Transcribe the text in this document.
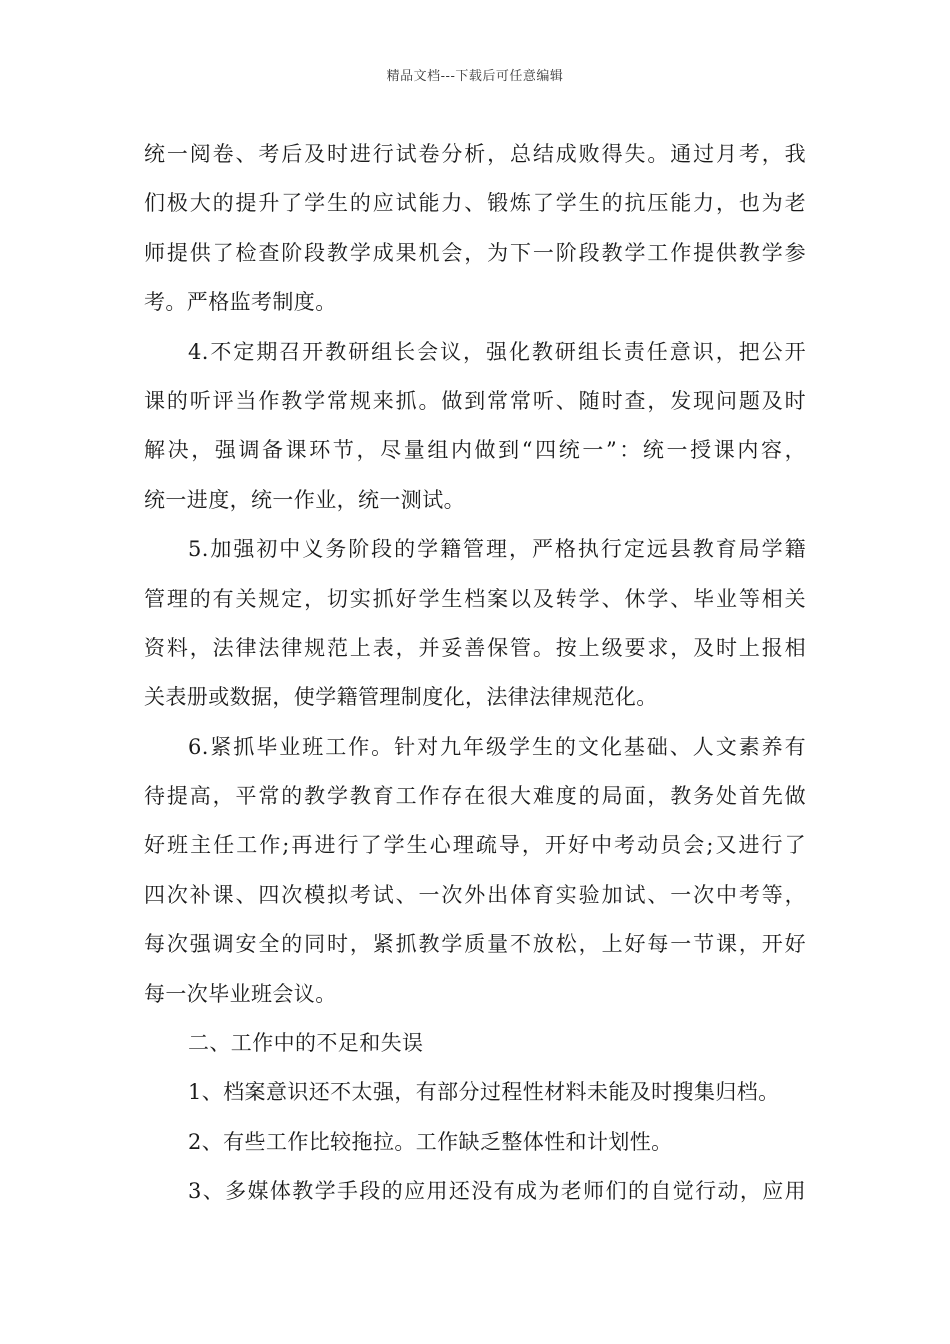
精品文档---下载后可任意编辑
统一阅卷、考后及时进行试卷分析，总结成败得失。通过月考，我
们极大的提升了学生的应试能力、锻炼了学生的抗压能力，也为老
师提供了检查阶段教学成果机会，为下一阶段教学工作提供教学参
考。严格监考制度。
4.不定期召开教研组长会议，强化教研组长责任意识，把公开
课的听评当作教学常规来抓。做到常常听、随时查，发现问题及时
解决，强调备课环节，尽量组内做到“四统一”：统一授课内容，
统一进度，统一作业，统一测试。
5.加强初中义务阶段的学籍管理，严格执行定远县教育局学籍
管理的有关规定，切实抓好学生档案以及转学、休学、毕业等相关
资料，法律法律规范上表，并妥善保管。按上级要求，及时上报相
关表册或数据，使学籍管理制度化，法律法律规范化。
6.紧抓毕业班工作。针对九年级学生的文化基础、人文素养有
待提高，平常的教学教育工作存在很大难度的局面，教务处首先做
好班主任工作;再进行了学生心理疏导，开好中考动员会;又进行了
四次补课、四次模拟考试、一次外出体育实验加试、一次中考等，
每次强调安全的同时，紧抓教学质量不放松，上好每一节课，开好
每一次毕业班会议。
二、工作中的不足和失误
1、档案意识还不太强，有部分过程性材料未能及时搜集归档。
2、有些工作比较拖拉。工作缺乏整体性和计划性。
3、多媒体教学手段的应用还没有成为老师们的自觉行动，应用
